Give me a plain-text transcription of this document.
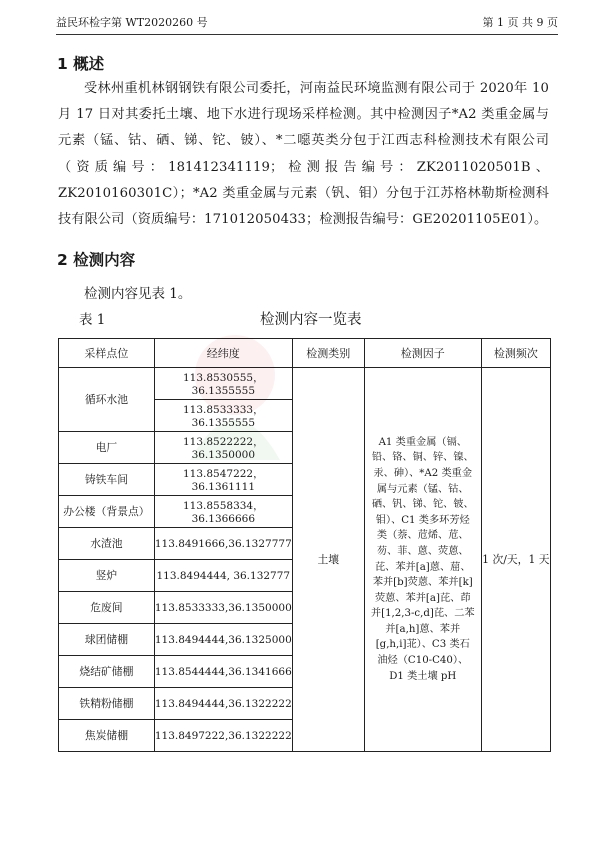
益民环检字第 WT2020260 号	第 1 页 共 9 页
1 概述
受林州重机林钢钢铁有限公司委托，河南益民环境监测有限公司于 2020年 10 月 17 日对其委托土壤、地下水进行现场采样检测。其中检测因子*A2 类重金属与元素（锰、钴、硒、锑、铊、铍）、*二噁英类分包于江西志科检测技术有限公司（资质编号：181412341119；检测报告编号：ZK2011020501B、ZK2010160301C）；*A2 类重金属与元素（钒、钼）分包于江苏格林勒斯检测科技有限公司（资质编号：171012050433；检测报告编号：GE20201105E01）。
2 检测内容
检测内容见表 1。
表 1	检测内容一览表
采样点位	经纬度	检测类别	检测因子	检测频次
循环水池	113.8530555，36.1355555	土壤	A1 类重金属（镉、铅、铬、铜、锌、镍、汞、砷）、*A2 类重金属与元素（锰、钴、硒、钒、锑、铊、铍、钼）、C1 类多环芳烃类（萘、苊烯、苊、芴、菲、蒽、荧蒽、芘、苯并[a]蒽、䓛、苯并[b]荧蒽、苯并[k]荧蒽、苯并[a]芘、茚并[1,2,3-c,d]芘、二苯并[a,h]蒽、苯并[g,h,i]苝）、C3 类石油烃（C10-C40）、D1 类土壤 pH	1 次/天，1 天
	113.8533333，36.1355555			
电厂	113.8522222，36.1350000			
铸铁车间	113.8547222，36.1361111			
办公楼（背景点）	113.8558334，36.1366666			
水渣池	113.8491666,36.1327777			
竖炉	113.8494444, 36.132777			
危废间	113.8533333,36.1350000			
球团储棚	113.8494444,36.1325000			
烧结矿储棚	113.8544444,36.1341666			
铁精粉储棚	113.8494444,36.1322222			
焦炭储棚	113.8497222,36.1322222			
